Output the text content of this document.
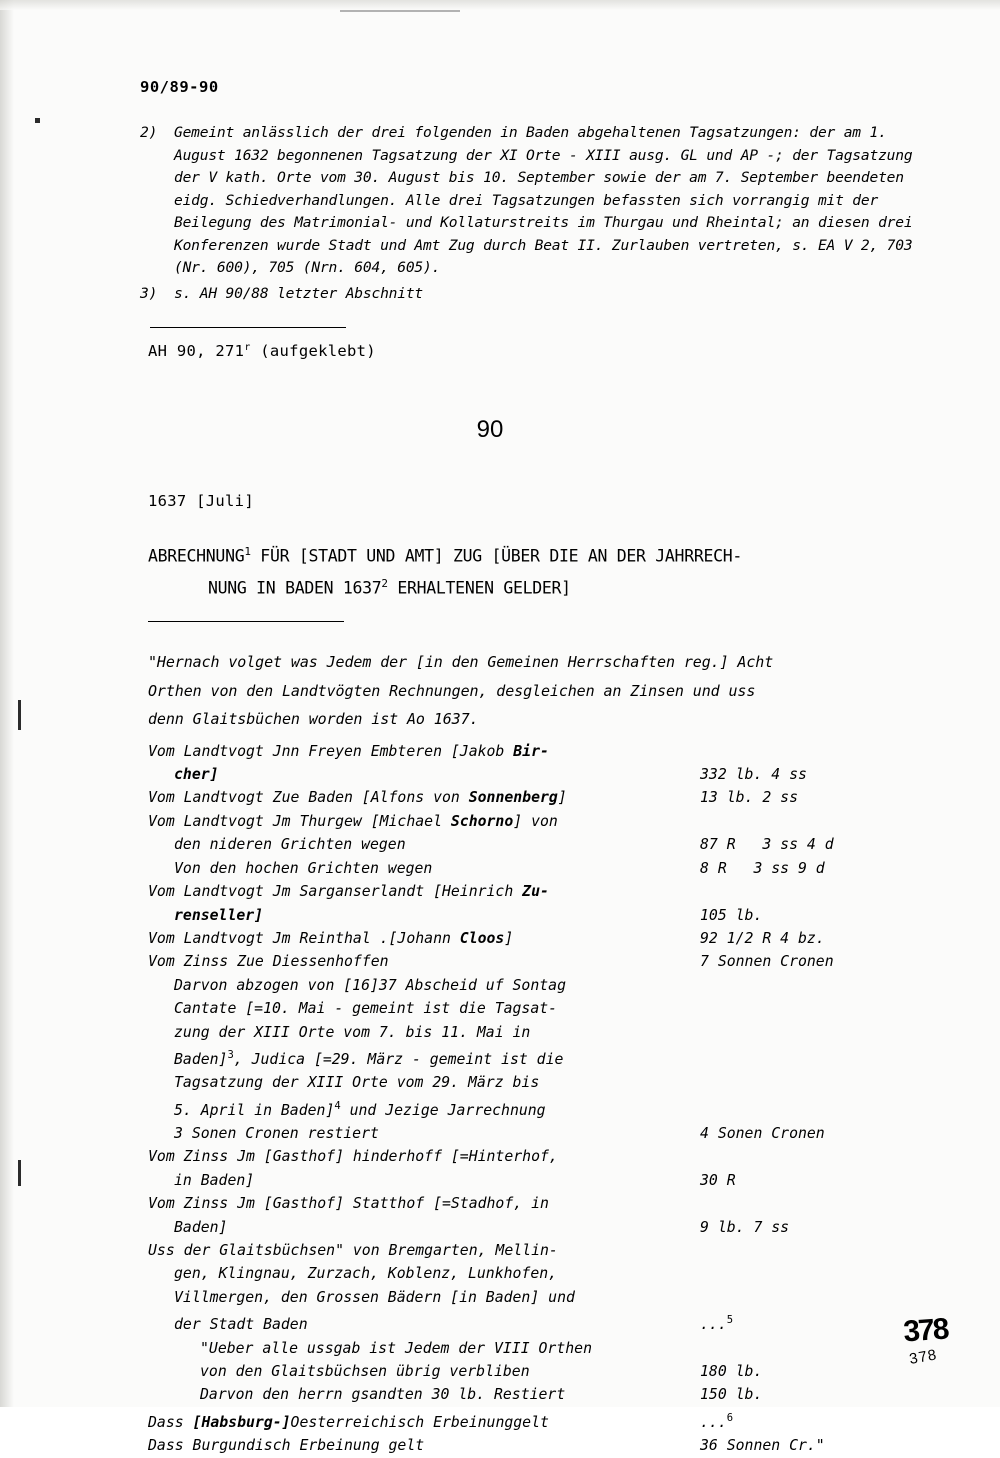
90/89-90
2)	Gemeint anlässlich der drei folgenden in Baden abgehaltenen Tagsatzungen: der am 1. August 1632 begonnenen Tagsatzung der XI Orte - XIII ausg. GL und AP -; der Tagsatzung der V kath. Orte vom 30. August bis 10. September sowie der am 7. September beendeten eidg. Schiedverhandlungen. Alle drei Tagsatzungen befassten sich vorrangig mit der Beilegung des Matrimonial- und Kollaturstreits im Thurgau und Rheintal; an diesen drei Konferenzen wurde Stadt und Amt Zug durch Beat II. Zurlauben vertreten, s. EA V 2, 703 (Nr. 600), 705 (Nrn. 604, 605).
3)	s. AH 90/88 letzter Abschnitt
AH 90, 271$^r$ (aufgeklebt)
90
1637 [Juli]
ABRECHNUNG$^1$ FÜR [STADT UND AMT] ZUG [ÜBER DIE AN DER JAHRRECH-
NUNG IN BADEN 1637$^2$ ERHALTENEN GELDER]
"Hernach volget was Jedem der [in den Gemeinen Herrschaften reg.] Acht
Orthen von den Landtvögten Rechnungen, desgleichen an Zinsen und uss
denn Glaitsbüchen worden ist Ao 1637.
Vom Landtvogt Jnn Freyen Embteren [Jakob Bir-
cher]	332 lb. 4 ss
Vom Landtvogt Zue Baden [Alfons von Sonnenberg]	13 lb. 2 ss
Vom Landtvogt Jm Thurgew [Michael Schorno] von
den nideren Grichten wegen	87 R   3 ss 4 d
Von den hochen Grichten wegen	8 R   3 ss 9 d
Vom Landtvogt Jm Sarganserlandt [Heinrich Zu-
renseller]	105 lb.
Vom Landtvogt Jm Reinthal .[Johann Cloos]	92 1/2 R 4 bz.
Vom Zinss Zue Diessenhoffen	7 Sonnen Cronen
Darvon abzogen von [16]37 Abscheid uf Sontag
Cantate [=10. Mai - gemeint ist die Tagsat-
zung der XIII Orte vom 7. bis 11. Mai in
Baden]$^3$, Judica [=29. März - gemeint ist die
Tagsatzung der XIII Orte vom 29. März bis
5. April in Baden]$^4$ und Jezige Jarrechnung
3 Sonen Cronen restiert	4 Sonen Cronen
Vom Zinss Jm [Gasthof] hinderhoff [=Hinterhof,
in Baden]	30 R
Vom Zinss Jm [Gasthof] Statthof [=Stadhof, in
Baden]	9 lb. 7 ss
Uss der Glaitsbüchsen" von Bremgarten, Mellin-
gen, Klingnau, Zurzach, Koblenz, Lunkhofen,
Villmergen, den Grossen Bädern [in Baden] und
der Stadt Baden	...$^5$
"Ueber alle ussgab ist Jedem der VIII Orthen
von den Glaitsbüchsen übrig verbliben	180 lb.
Darvon den herrn gsandten 30 lb. Restiert	150 lb.
Dass [Habsburg-]Oesterreichisch Erbeinunggelt	...$^6$
Dass Burgundisch Erbeinung gelt	36 Sonnen Cr."
378
378
